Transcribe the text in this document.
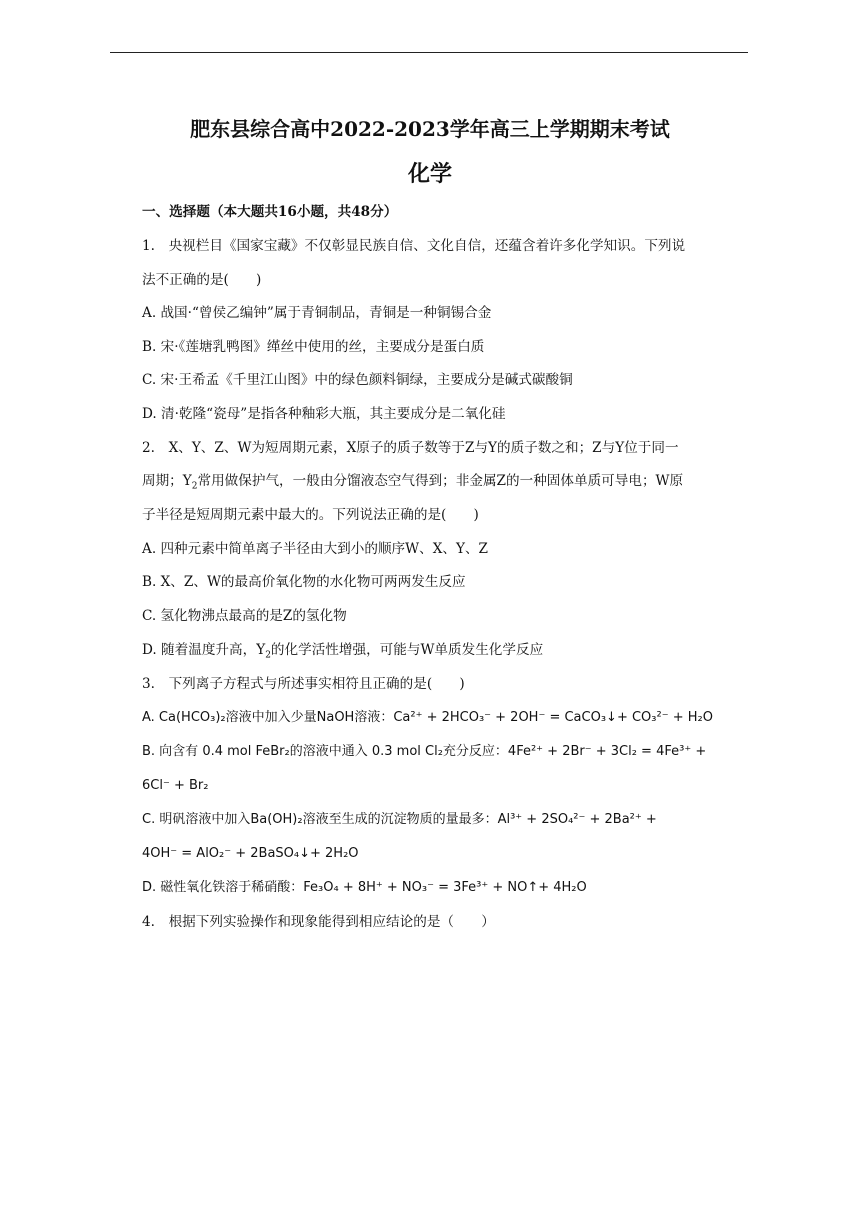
肥东县综合高中2022-2023学年高三上学期期末考试
化学
一、选择题（本大题共16小题，共48分）
1.　央视栏目《国家宝藏》不仅彰显民族自信、文化自信，还蕴含着许多化学知识。下列说
法不正确的是(　　)
A. 战国·“曾侯乙编钟”属于青铜制品，青铜是一种铜锡合金
B. 宋·《莲塘乳鸭图》缂丝中使用的丝，主要成分是蛋白质
C. 宋·王希孟《千里江山图》中的绿色颜料铜绿，主要成分是碱式碳酸铜
D. 清·乾隆“瓷母”是指各种釉彩大瓶，其主要成分是二氧化硅
2.　X、Y、Z、W为短周期元素，X原子的质子数等于Z与Y的质子数之和；Z与Y位于同一
周期；$Y_2$常用做保护气，一般由分馏液态空气得到；非金属Z的一种固体单质可导电；W原
子半径是短周期元素中最大的。下列说法正确的是(　　)
A. 四种元素中简单离子半径由大到小的顺序W、X、Y、Z
B. X、Z、W的最高价氧化物的水化物可两两发生反应
C. 氢化物沸点最高的是Z的氢化物
D. 随着温度升高，$Y_2$的化学活性增强，可能与W单质发生化学反应
3.　下列离子方程式与所述事实相符且正确的是(　　)
A. Ca(HCO₃)₂溶液中加入少量NaOH溶液：Ca²⁺ + 2HCO₃⁻ + 2OH⁻ = CaCO₃↓+ CO₃²⁻ + H₂O
B. 向含有 0.4 mol FeBr₂的溶液中通入 0.3 mol Cl₂充分反应：4Fe²⁺ + 2Br⁻ + 3Cl₂ = 4Fe³⁺ +
6Cl⁻ + Br₂
C. 明矾溶液中加入Ba(OH)₂溶液至生成的沉淀物质的量最多：Al³⁺ + 2SO₄²⁻ + 2Ba²⁺ +
4OH⁻ = AlO₂⁻ + 2BaSO₄↓+ 2H₂O
D. 磁性氧化铁溶于稀硝酸：Fe₃O₄ + 8H⁺ + NO₃⁻ = 3Fe³⁺ + NO↑+ 4H₂O
4.　根据下列实验操作和现象能得到相应结论的是（　　）
